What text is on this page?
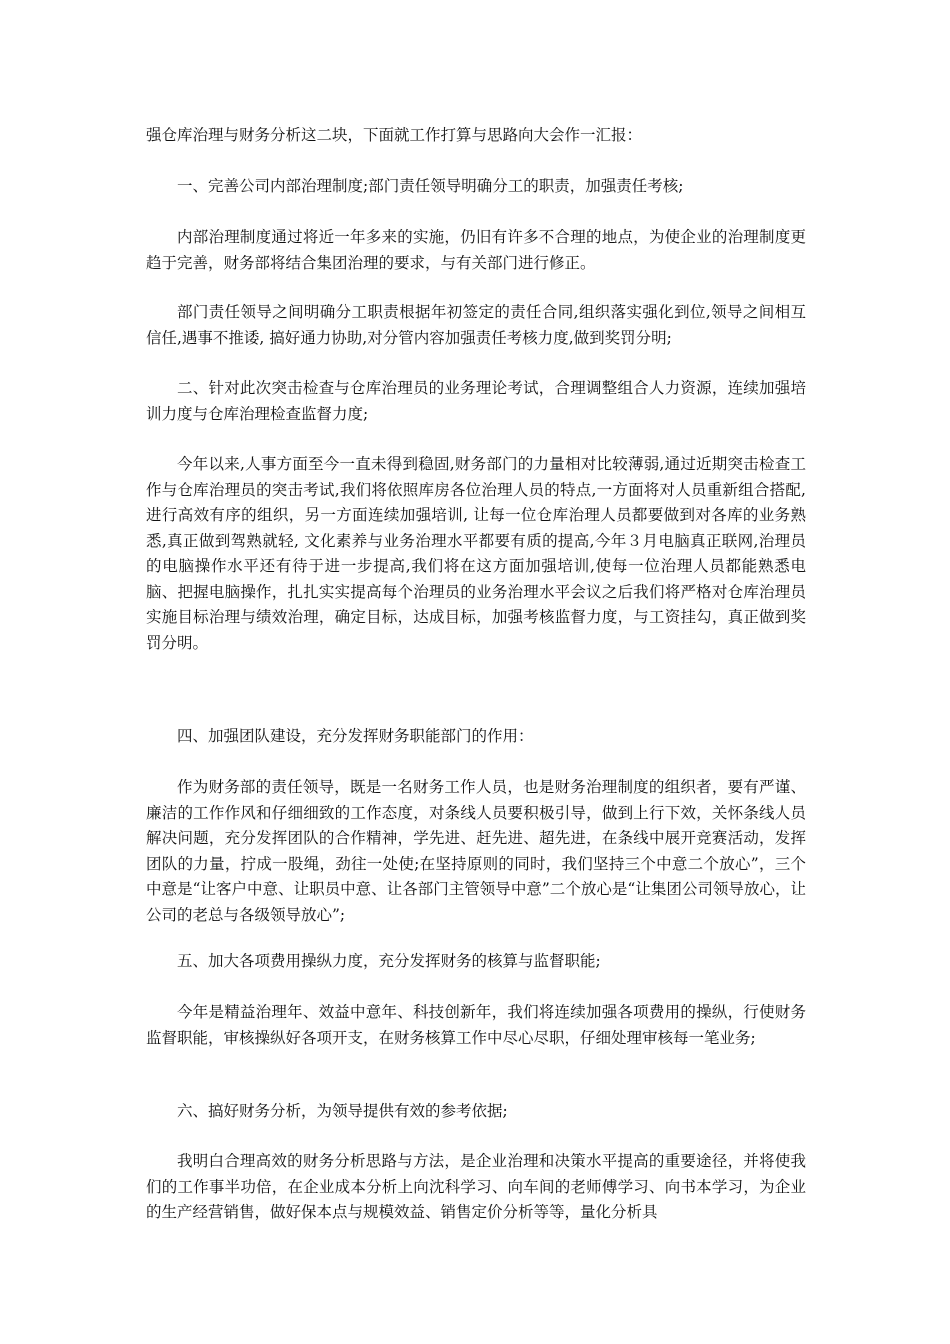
强仓库治理与财务分析这二块，下面就工作打算与思路向大会作一汇报：

一、完善公司内部治理制度;部门责任领导明确分工的职责，加强责任考核;

内部治理制度通过将近一年多来的实施，仍旧有许多不合理的地点，为使企业的治理制度更趋于完善，财务部将结合集团治理的要求，与有关部门进行修正。

部门责任领导之间明确分工职责根据年初签定的责任合同,组织落实强化到位,领导之间相互信任,遇事不推诿, 搞好通力协助,对分管内容加强责任考核力度,做到奖罚分明;

二、针对此次突击检查与仓库治理员的业务理论考试，合理调整组合人力资源，连续加强培训力度与仓库治理检查监督力度;

今年以来,人事方面至今一直未得到稳固,财务部门的力量相对比较薄弱,通过近期突击检查工作与仓库治理员的突击考试,我们将依照库房各位治理人员的特点,一方面将对人员重新组合搭配, 进行高效有序的组织，另一方面连续加强培训, 让每一位仓库治理人员都要做到对各库的业务熟悉,真正做到驾熟就轻, 文化素养与业务治理水平都要有质的提高,今年３月电脑真正联网,治理员的电脑操作水平还有待于进一步提高,我们将在这方面加强培训,使每一位治理人员都能熟悉电脑、把握电脑操作，扎扎实实提高每个治理员的业务治理水平会议之后我们将严格对仓库治理员实施目标治理与绩效治理，确定目标，达成目标，加强考核监督力度，与工资挂勾，真正做到奖罚分明。

四、加强团队建设，充分发挥财务职能部门的作用：

作为财务部的责任领导，既是一名财务工作人员，也是财务治理制度的组织者，要有严谨、廉洁的工作作风和仔细细致的工作态度，对条线人员要积极引导，做到上行下效，关怀条线人员解决问题，充分发挥团队的合作精神，学先进、赶先进、超先进，在条线中展开竞赛活动，发挥团队的力量，拧成一股绳，劲往一处使;在坚持原则的同时，我们坚持三个中意二个放心”，三个中意是“让客户中意、让职员中意、让各部门主管领导中意”二个放心是“让集团公司领导放心，让公司的老总与各级领导放心”;

五、加大各项费用操纵力度，充分发挥财务的核算与监督职能;

今年是精益治理年、效益中意年、科技创新年，我们将连续加强各项费用的操纵，行使财务监督职能，审核操纵好各项开支，在财务核算工作中尽心尽职，仔细处理审核每一笔业务;

六、搞好财务分析，为领导提供有效的参考依据;

我明白合理高效的财务分析思路与方法，是企业治理和决策水平提高的重要途径，并将使我们的工作事半功倍，在企业成本分析上向沈科学习、向车间的老师傅学习、向书本学习，为企业的生产经营销售，做好保本点与规模效益、销售定价分析等等，量化分析具
